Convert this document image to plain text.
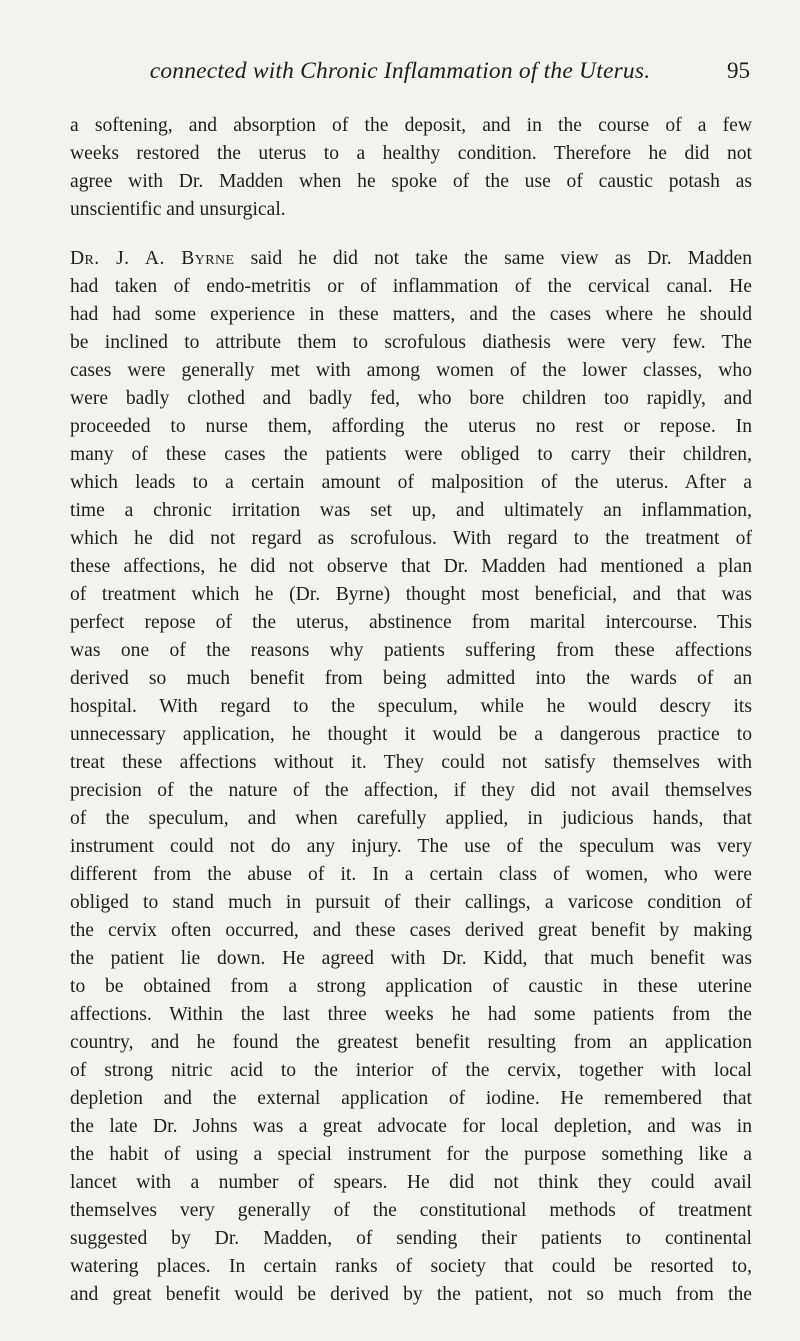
connected with Chronic Inflammation of the Uterus.	95
a softening, and absorption of the deposit, and in the course of a few
weeks restored the uterus to a healthy condition. Therefore he did not
agree with Dr. Madden when he spoke of the use of caustic potash as
unscientific and unsurgical.
Dr. J. A. Byrne said he did not take the same view as Dr. Madden
had taken of endo-metritis or of inflammation of the cervical canal. He
had had some experience in these matters, and the cases where he should
be inclined to attribute them to scrofulous diathesis were very few. The
cases were generally met with among women of the lower classes, who
were badly clothed and badly fed, who bore children too rapidly, and
proceeded to nurse them, affording the uterus no rest or repose. In
many of these cases the patients were obliged to carry their children,
which leads to a certain amount of malposition of the uterus. After a
time a chronic irritation was set up, and ultimately an inflammation,
which he did not regard as scrofulous. With regard to the treatment of
these affections, he did not observe that Dr. Madden had mentioned a plan
of treatment which he (Dr. Byrne) thought most beneficial, and that was
perfect repose of the uterus, abstinence from marital intercourse. This
was one of the reasons why patients suffering from these affections
derived so much benefit from being admitted into the wards of an
hospital. With regard to the speculum, while he would descry its
unnecessary application, he thought it would be a dangerous practice to
treat these affections without it. They could not satisfy themselves with
precision of the nature of the affection, if they did not avail themselves
of the speculum, and when carefully applied, in judicious hands, that
instrument could not do any injury. The use of the speculum was very
different from the abuse of it. In a certain class of women, who were
obliged to stand much in pursuit of their callings, a varicose condition of
the cervix often occurred, and these cases derived great benefit by making
the patient lie down. He agreed with Dr. Kidd, that much benefit was
to be obtained from a strong application of caustic in these uterine
affections. Within the last three weeks he had some patients from the
country, and he found the greatest benefit resulting from an application
of strong nitric acid to the interior of the cervix, together with local
depletion and the external application of iodine. He remembered that
the late Dr. Johns was a great advocate for local depletion, and was in
the habit of using a special instrument for the purpose something like a
lancet with a number of spears. He did not think they could avail
themselves very generally of the constitutional methods of treatment
suggested by Dr. Madden, of sending their patients to continental
watering places. In certain ranks of society that could be resorted to,
and great benefit would be derived by the patient, not so much from the
